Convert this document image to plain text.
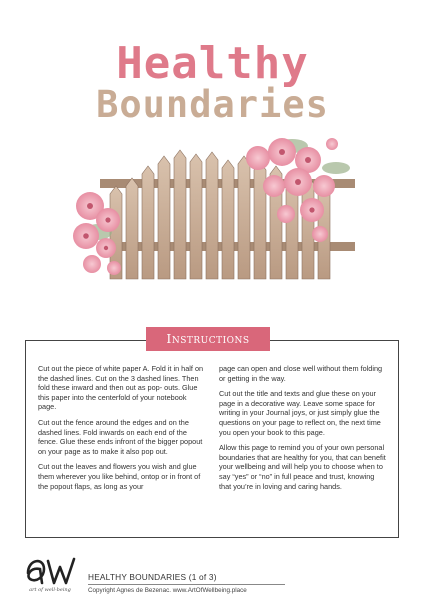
Healthy
Boundaries
Instructions

Cut out the piece of white paper A. Fold it in half on the dashed lines. Cut on the 3 dashed lines. Then fold these inward and then out as pop- outs. Glue this paper into the centerfold of your notebook page.

Cut out the fence around the edges and on the dashed lines. Fold inwards on each end of the fence. Glue these ends infront of the bigger popout on your page as to make it also pop out.

Cut out the leaves and flowers you wish and glue them wherever you like behind, ontop or in front of the popout flaps, as long as your

page can open and close well without them folding or getting in the way.

Cut out the title and texts and glue these on your page in a decorative way. Leave some space for writing in your Journal joys, or just simply glue the questions on your page to reflect on, the next time you open your book to this page.

Allow this page to remind you of your own personal boundaries that are healthy for you, that can benefit your wellbeing and will help you to choose when to say “yes” or “no” in full peace and trust, knowing that you’re in loving and caring hands.

art of well-being
HEALTHY BOUNDARIES (1 of 3)
Copyright Agnes de Bezenac. www.ArtOfWellbeing.place
